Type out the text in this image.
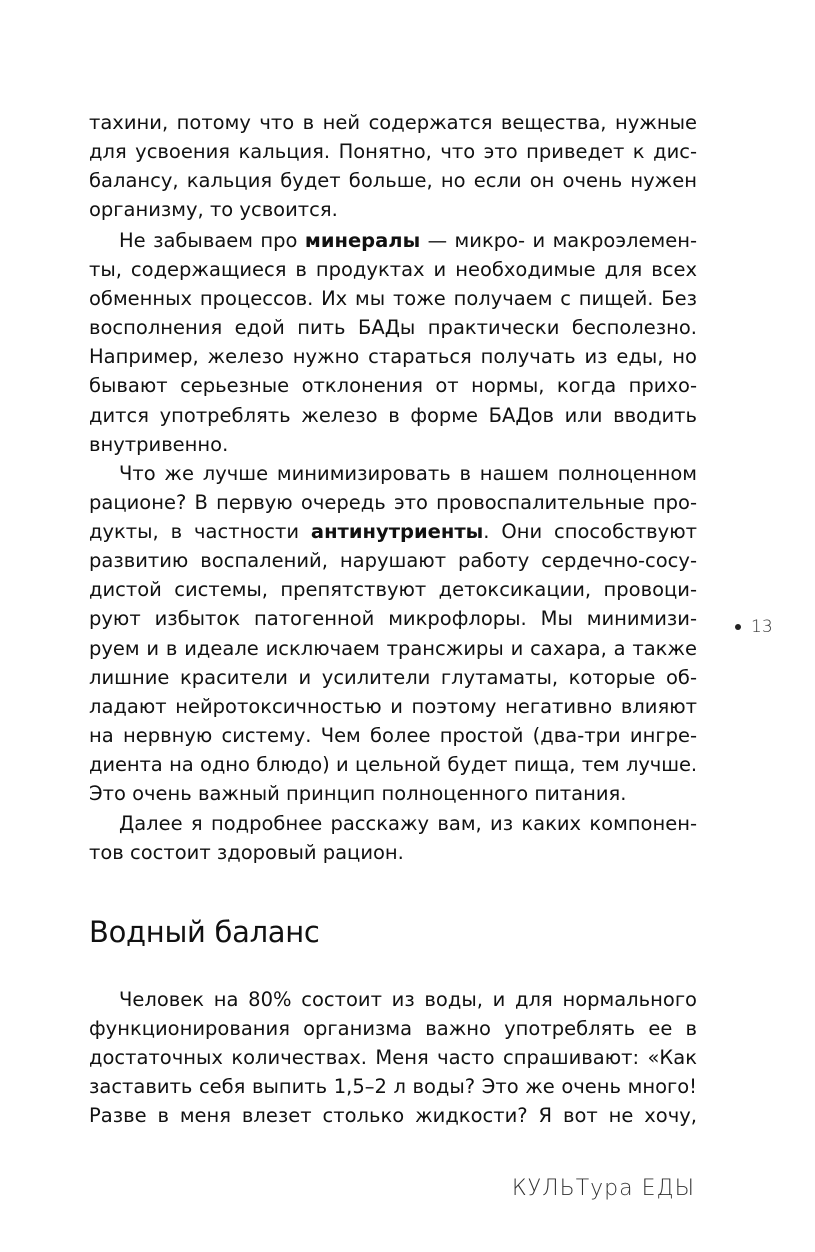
тахини, потому что в ней содержатся вещества, нужные
для усвоения кальция. Понятно, что это приведет к дис-
балансу, кальция будет больше, но если он очень нужен
организму, то усвоится.
Не забываем про минералы — микро- и макроэлемен-
ты, содержащиеся в продуктах и необходимые для всех
обменных процессов. Их мы тоже получаем с пищей. Без
восполнения едой пить БАДы практически бесполезно.
Например, железо нужно стараться получать из еды, но
бывают серьезные отклонения от нормы, когда прихо-
дится употреблять железо в форме БАДов или вводить
внутривенно.
Что же лучше минимизировать в нашем полноценном
рационе? В первую очередь это провоспалительные про-
дукты, в частности антинутриенты. Они способствуют
развитию воспалений, нарушают работу сердечно-сосу-
дистой системы, препятствуют детоксикации, провоци-
руют избыток патогенной микрофлоры. Мы минимизи-
руем и в идеале исключаем трансжиры и сахара, а также
лишние красители и усилители глутаматы, которые об-
ладают нейротоксичностью и поэтому негативно влияют
на нервную систему. Чем более простой (два-три ингре-
диента на одно блюдо) и цельной будет пища, тем лучше.
Это очень важный принцип полноценного питания.
Далее я подробнее расскажу вам, из каких компонен-
тов состоит здоровый рацион.
Водный баланс
Человек на 80% состоит из воды, и для нормального
функционирования организма важно употреблять ее в
достаточных количествах. Меня часто спрашивают: «Как
заставить себя выпить 1,5–2 л воды? Это же очень много!
Разве в меня влезет столько жидкости? Я вот не хочу,
13
КУЛЬТура ЕДЫ
